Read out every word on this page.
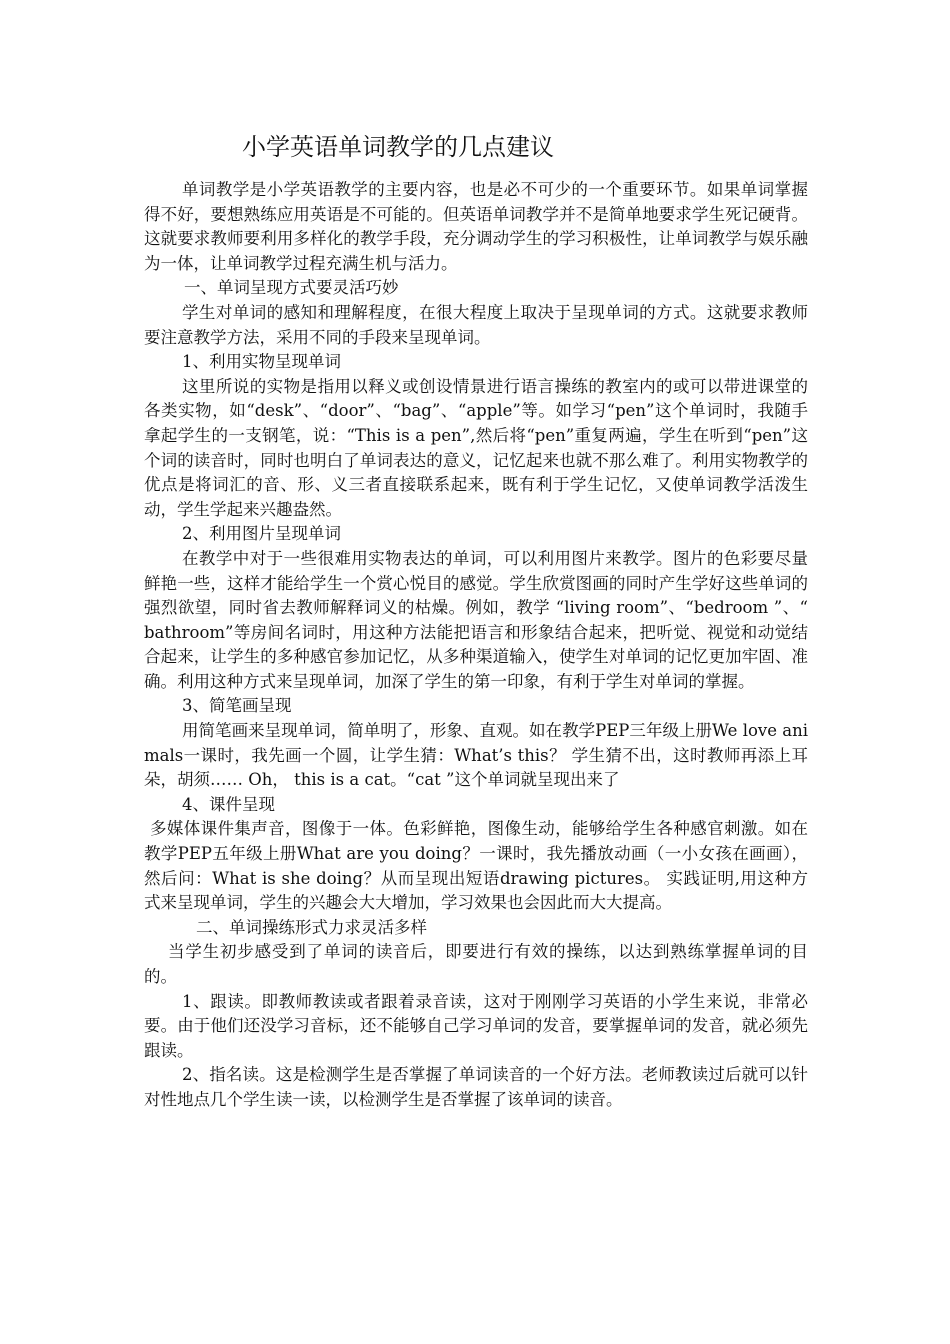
小学英语单词教学的几点建议

单词教学是小学英语教学的主要内容，也是必不可少的一个重要环节。如果单词掌握得不好，要想熟练应用英语是不可能的。但英语单词教学并不是简单地要求学生死记硬背。这就要求教师要利用多样化的教学手段，充分调动学生的学习积极性，让单词教学与娱乐融为一体，让单词教学过程充满生机与活力。

一、单词呈现方式要灵活巧妙

学生对单词的感知和理解程度，在很大程度上取决于呈现单词的方式。这就要求教师要注意教学方法，采用不同的手段来呈现单词。

1、利用实物呈现单词

这里所说的实物是指用以释义或创设情景进行语言操练的教室内的或可以带进课堂的各类实物，如“desk”、“door”、“bag”、“apple”等。如学习“pen”这个单词时，我随手拿起学生的一支钢笔，说：“This is a pen”,然后将“pen”重复两遍，学生在听到“pen”这个词的读音时，同时也明白了单词表达的意义，记忆起来也就不那么难了。利用实物教学的优点是将词汇的音、形、义三者直接联系起来，既有利于学生记忆，又使单词教学活泼生动，学生学起来兴趣盎然。

2、利用图片呈现单词

在教学中对于一些很难用实物表达的单词，可以利用图片来教学。图片的色彩要尽量鲜艳一些，这样才能给学生一个赏心悦目的感觉。学生欣赏图画的同时产生学好这些单词的强烈欲望，同时省去教师解释词义的枯燥。例如，教学 “living room”、“bedroom ”、“ bathroom”等房间名词时，用这种方法能把语言和形象结合起来，把听觉、视觉和动觉结合起来，让学生的多种感官参加记忆，从多种渠道输入，使学生对单词的记忆更加牢固、准确。利用这种方式来呈现单词，加深了学生的第一印象，有利于学生对单词的掌握。

3、简笔画呈现

用简笔画来呈现单词，简单明了，形象、直观。如在教学PEP三年级上册We love animals一课时，我先画一个圆，让学生猜：What’s this？ 学生猜不出，这时教师再添上耳朵，胡须…… Oh， this is a cat。“cat ”这个单词就呈现出来了

4、课件呈现

多媒体课件集声音，图像于一体。色彩鲜艳，图像生动，能够给学生各种感官刺激。如在教学PEP五年级上册What are you doing？一课时，我先播放动画（一小女孩在画画），然后问：What is she doing？从而呈现出短语drawing pictures。 实践证明,用这种方式来呈现单词，学生的兴趣会大大增加，学习效果也会因此而大大提高。

二、单词操练形式力求灵活多样

当学生初步感受到了单词的读音后，即要进行有效的操练，以达到熟练掌握单词的目的。

1、跟读。即教师教读或者跟着录音读，这对于刚刚学习英语的小学生来说，非常必要。由于他们还没学习音标，还不能够自己学习单词的发音，要掌握单词的发音，就必须先跟读。

2、指名读。这是检测学生是否掌握了单词读音的一个好方法。老师教读过后就可以针对性地点几个学生读一读，以检测学生是否掌握了该单词的读音。
